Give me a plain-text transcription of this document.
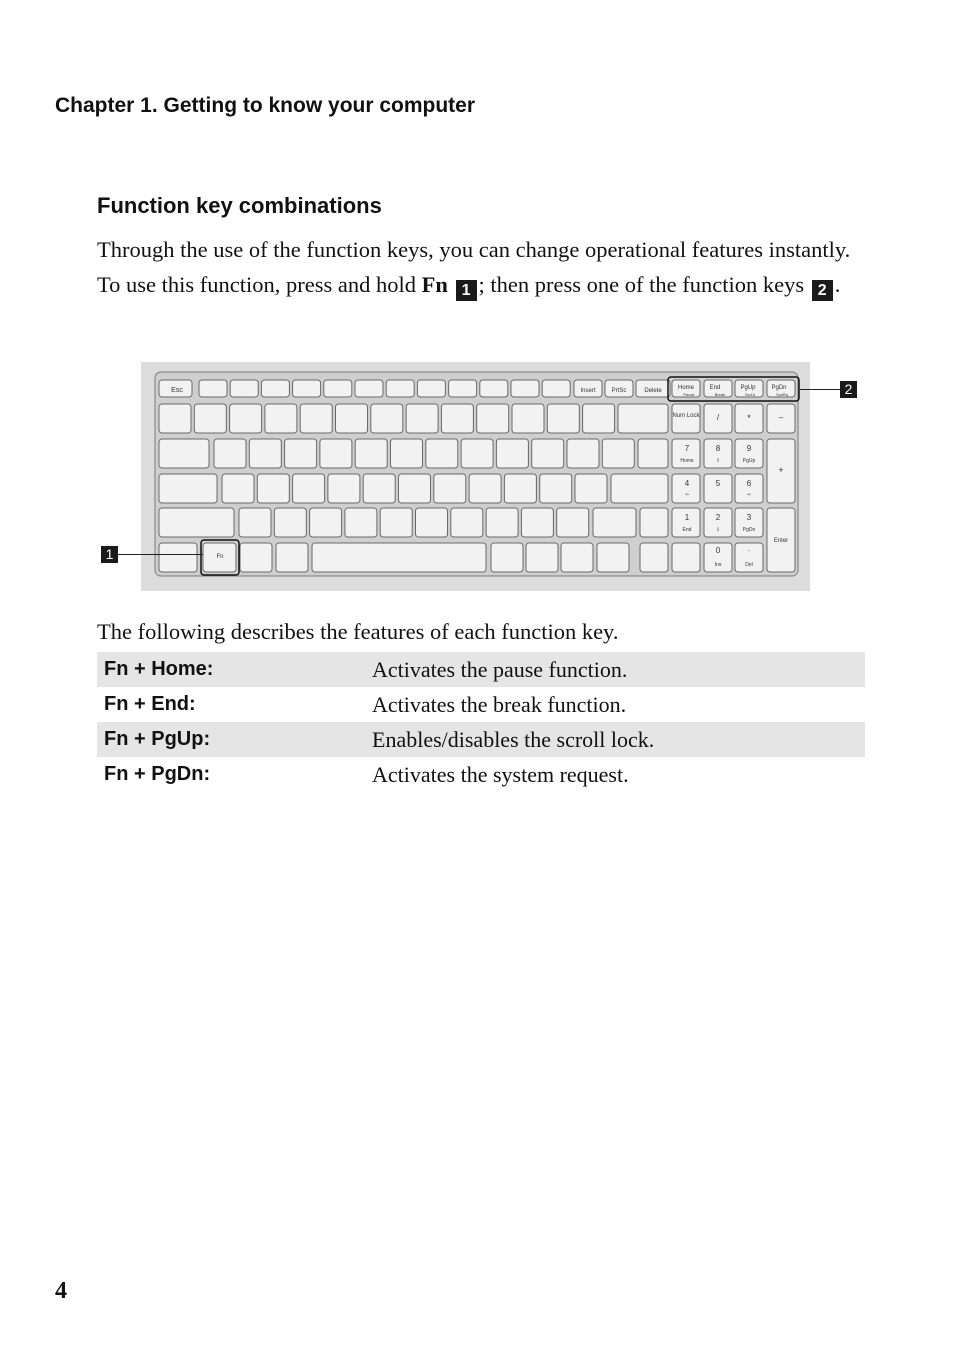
Chapter 1. Getting to know your computer
Function key combinations
Through the use of the function keys, you can change operational features instantly. To use this function, press and hold Fn 1 ; then press one of the function keys 2 .
Esc	Insert	PrtSc	Delete	Home
Pause
End
Break
PgUp
ScrLk
PgDn
SysRq
Num Lock /	*	–
+
Enter
Fn
7
Home
8
⇧
9
PgUp
4
⇦
5	6
⇨
1
End
2
⇩
3
PgDn
0
Ins
·
Del
2
1
The following describes the features of each function key.
Fn + Home:	Activates the pause function.
Fn + End:	Activates the break function.
Fn + PgUp:	Enables/disables the scroll lock.
Fn + PgDn:	Activates the system request.
4
